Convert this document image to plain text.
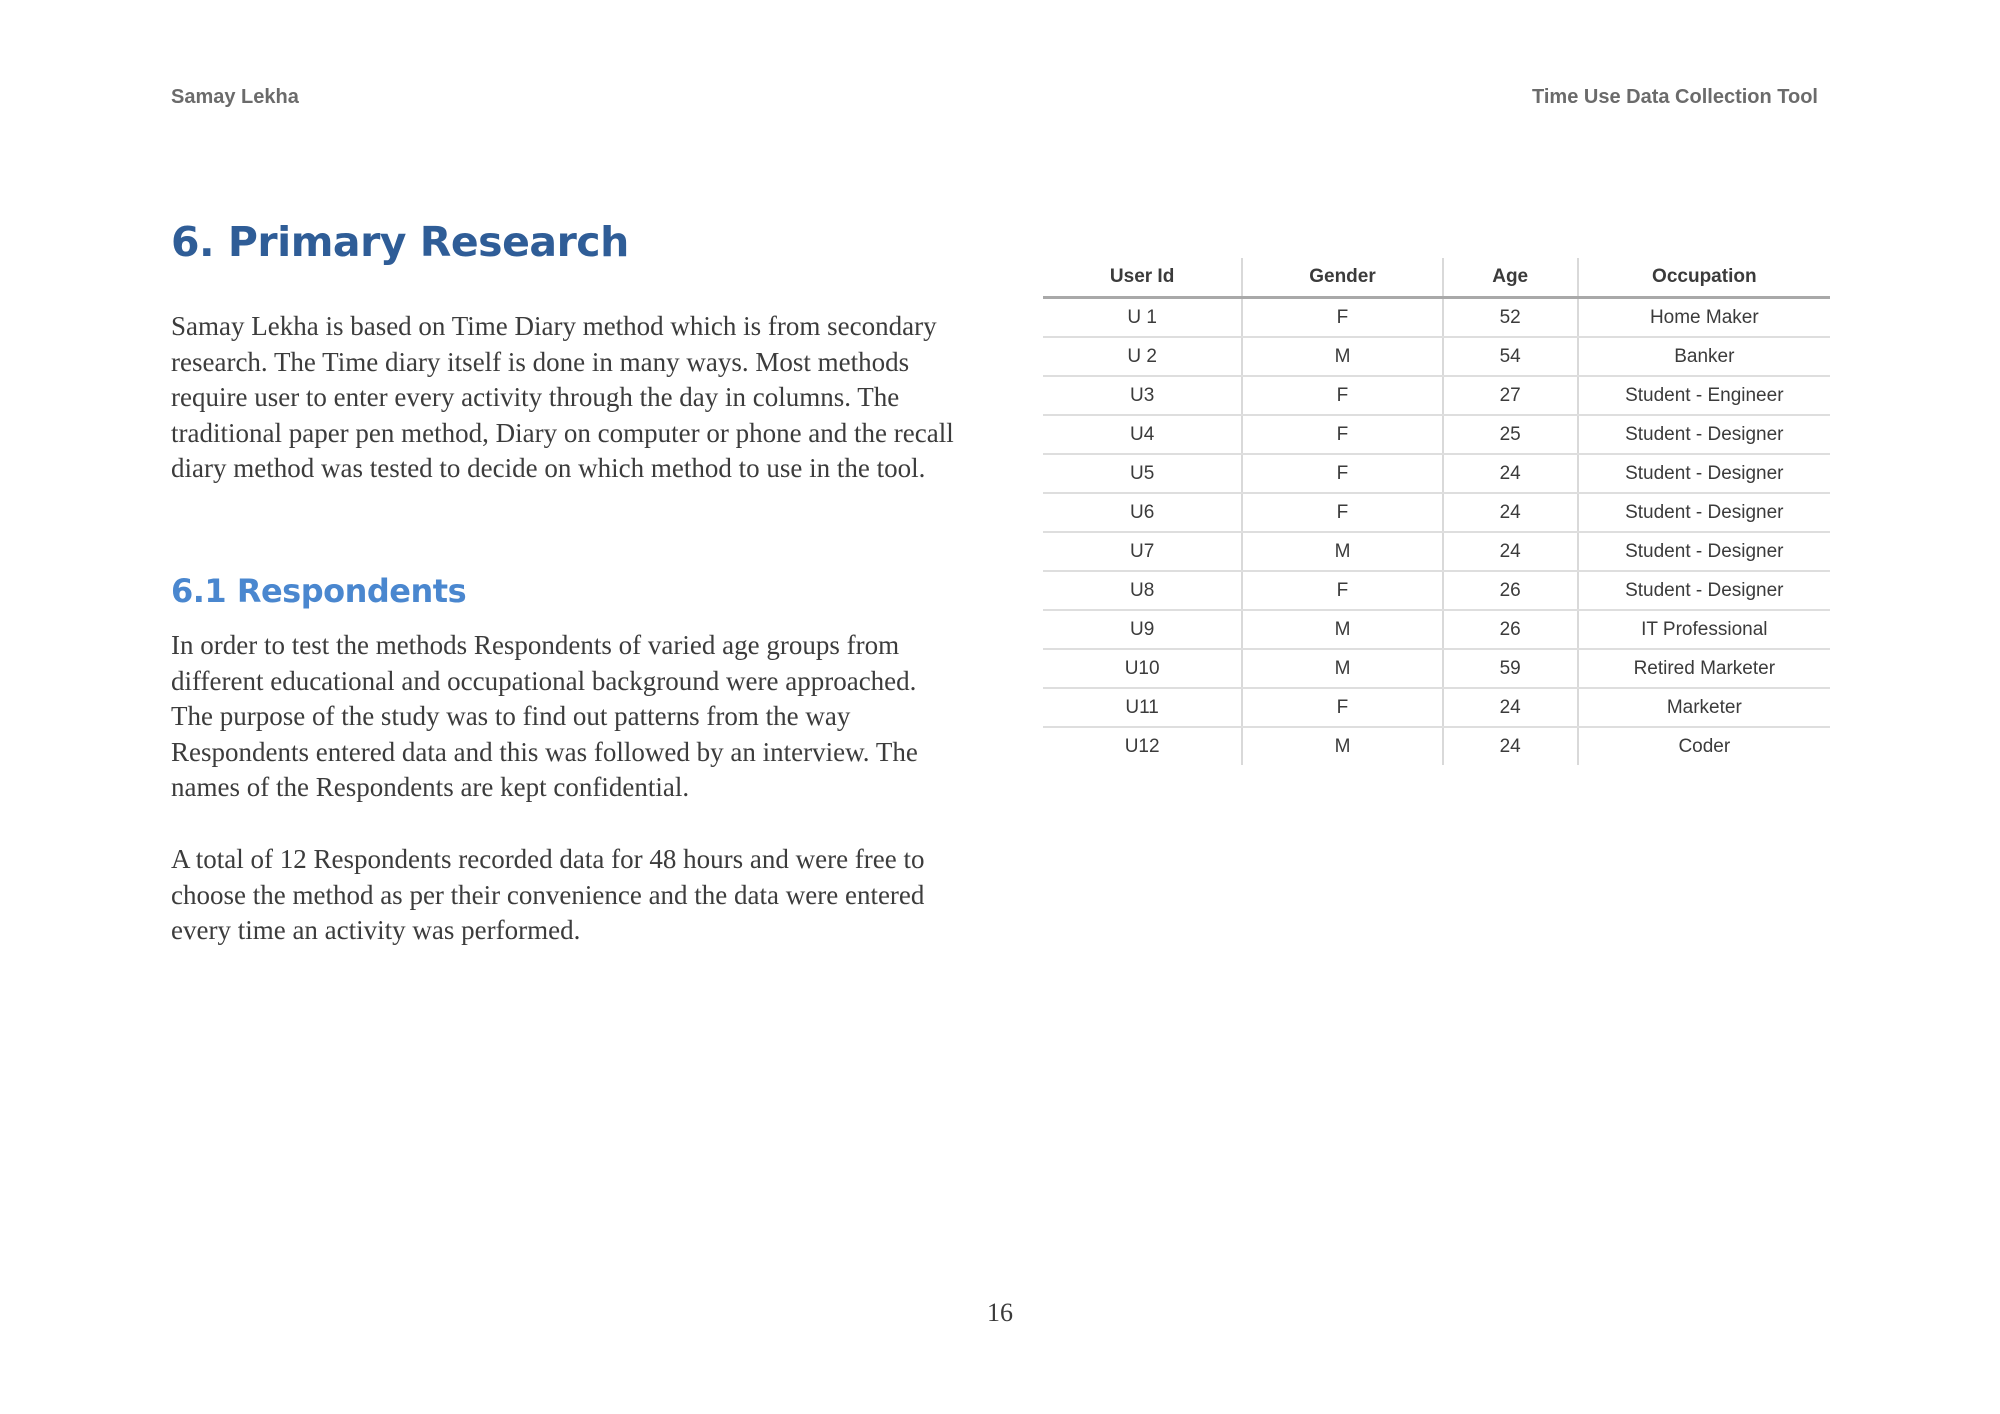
Samay Lekha	Time Use Data Collection Tool
6. Primary Research

Samay Lekha is based on Time Diary method which is from secondary research. The Time diary itself is done in many ways. Most methods require user to enter every activity through the day in columns. The traditional paper pen method, Diary on computer or phone and the recall diary method was tested to decide on which method to use in the tool.

6.1 Respondents

In order to test the methods Respondents of varied age groups from different educational and occupational background were approached. The purpose of the study was to find out patterns from the way Respondents entered data and this was followed by an interview. The names of the Respondents are kept confidential.

A total of 12 Respondents recorded data for 48 hours and were free to choose the method as per their convenience and the data were entered every time an activity was performed.

User Id	Gender	Age	Occupation
U 1	F	52	Home Maker
U 2	M	54	Banker
U3	F	27	Student - Engineer
U4	F	25	Student - Designer
U5	F	24	Student - Designer
U6	F	24	Student - Designer
U7	M	24	Student - Designer
U8	F	26	Student - Designer
U9	M	26	IT Professional
U10	M	59	Retired Marketer
U11	F	24	Marketer
U12	M	24	Coder
16
